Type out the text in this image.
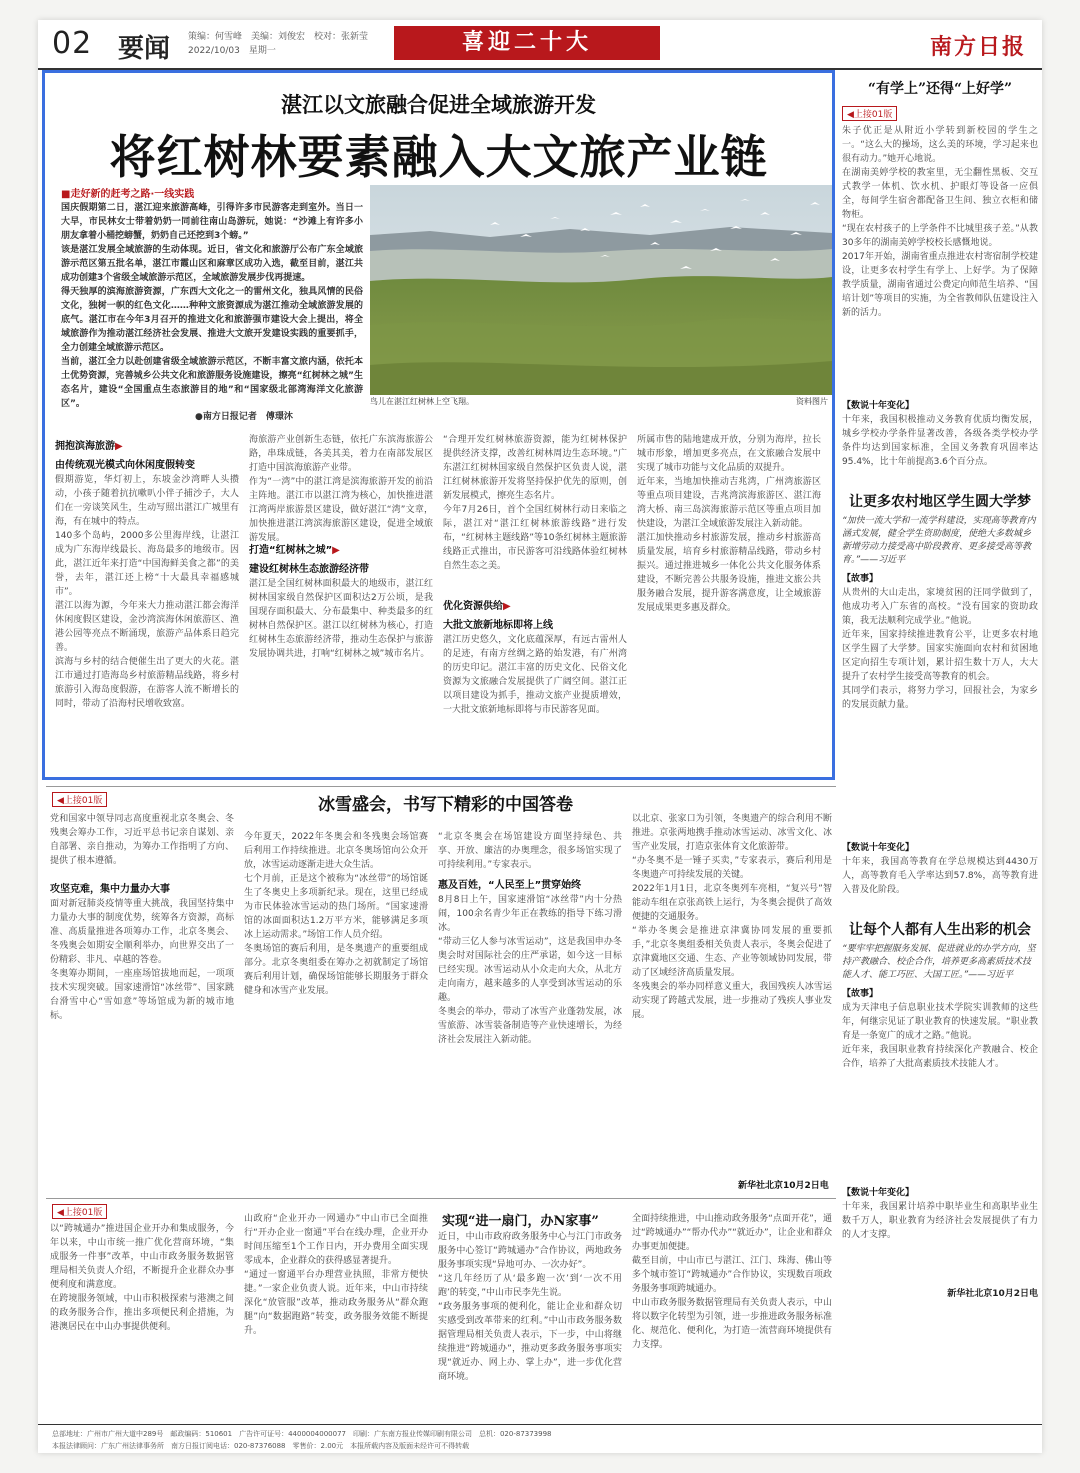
02 要闻 策编：何雪峰　美编：刘俊宏　校对：张新莹
2022/10/03　星期一	喜迎二十大	南方日报
湛江以文旅融合促进全域旅游开发
将红树林要素融入大文旅产业链
■走好新的赶考之路·一线实践
国庆假期第二日，湛江迎来旅游高峰，引得许多市民游客走到室外。当日一大早，市民林女士带着奶奶一同前往南山岛游玩，她说：“沙滩上有许多小朋友拿着小桶挖螃蟹，奶奶自己还挖到3个螃。”
该是湛江发展全域旅游的生动体现。近日，省文化和旅游厅公布广东全域旅游示范区第五批名单，湛江市霞山区和麻章区成功入选，截至目前，湛江共成功创建3个省级全域旅游示范区，全域旅游发展步伐再提速。
得天独厚的滨海旅游资源，广东西大文化之一的雷州文化，独具风情的民俗文化，独树一帜的红色文化……种种文旅资源成为湛江推动全域旅游发展的底气。湛江市在今年3月召开的推进文化和旅游强市建设大会上提出，将全域旅游作为推动湛江经济社会发展、推进大文旅开发建设实践的重要抓手，全力创建全域旅游示范区。
当前，湛江全力以赴创建省级全域旅游示范区，不断丰富文旅内涵，依托本土优势资源，完善城乡公共文化和旅游服务设施建设，擦亮“红树林之城”生态名片，建设“全国重点生态旅游目的地”和“国家级北部湾海洋文化旅游区”。	鸟儿在湛江红树林上空飞翔。	资料图片
●南方日报记者　傅璟沐
拥抱滨海旅游▶
由传统观光模式向休闲度假转变
假期游览，华灯初上，东坡金沙湾畔人头攒动，小孩子随着抗抗嗽叭小伴子捕沙子，大人们在一旁谈笑风生，生动写照出湛江广城里有海，有在城中的特点。
140多个岛屿，2000多公里海岸线，让湛江成为广东海岸线最长、海岛最多的地级市。因此，湛江近年来打造“中国海鲜美食之都”的美誉，去年，湛江还上榜“十大最具幸福感城市”。
湛江以海为源，今年来大力推动湛江都会海洋休闲度假区建设，金沙湾滨海休闲旅游区、渔港公园等亮点不断涌现，旅游产品体系日趋完善。
滨海与乡村的结合便催生出了更大的火花。湛江市通过打造海岛乡村旅游精品线路，将乡村旅游引入海岛度假游，在游客人流不断增长的同时，带动了沿海村民增收致富。
海旅游产业创新生态链，依托广东滨海旅游公路，串珠成链，各美其美，着力在南部发展区打造中国滨海旅游产业带。
作为“一湾”中的湛江湾是滨海旅游开发的前沿主阵地。湛江市以湛江湾为核心，加快推进湛江湾两岸旅游景区建设，做好湛江“湾”文章，加快推进湛江湾滨海旅游区建设，促进全域旅游发展。
打造“红树林之城”▶
建设红树林生态旅游经济带
湛江是全国红树林面积最大的地级市，湛江红树林国家级自然保护区面积达2万公顷，是我国现存面积最大、分布最集中、种类最多的红树林自然保护区。湛江以红树林为核心，打造红树林生态旅游经济带，推动生态保护与旅游发展协调共进，打响“红树林之城”城市名片。
“合理开发红树林旅游资源，能为红树林保护提供经济支撑，改善红树林周边生态环境。”广东湛江红树林国家级自然保护区负责人说，湛江红树林旅游开发将坚持保护优先的原则，创新发展模式，擦亮生态名片。
今年7月26日，首个全国红树林行动日来临之际，湛江对“湛江红树林旅游线路”进行发布，“红树林主题线路”等10条红树林主题旅游线路正式推出，市民游客可沿线路体验红树林自然生态之美。
优化资源供给▶
大批文旅新地标即将上线
湛江历史悠久，文化底蕴深厚，有远古雷州人的足迹，有南方丝绸之路的始发港，有广州湾的历史印记。湛江丰富的历史文化、民俗文化资源为文旅融合发展提供了广阔空间。湛江正以项目建设为抓手，推动文旅产业提质增效，一大批文旅新地标即将与市民游客见面。
所属市售的陆地建成开放，分别为海岸，拉长城市形象，增加更多亮点，在文旅融合发展中实现了城市功能与文化品质的双提升。
近年来，当地加快推动吉兆湾，广州湾旅游区等重点项目建设，吉兆湾滨海旅游区、湛江海湾大桥、南三岛滨海旅游示范区等重点项目加快建设，为湛江全域旅游发展注入新动能。
湛江加快推动乡村旅游发展，推动乡村旅游高质量发展，培育乡村旅游精品线路，带动乡村振兴。通过推进城乡一体化公共文化服务体系建设，不断完善公共服务设施，推进文旅公共服务融合发展，提升游客满意度，让全域旅游发展成果更多惠及群众。
“有学上”还得“上好学”
◀上接01版
朱子优正是从附近小学转到新校园的学生之一。“这么大的操场，这么美的环境，学习起来也很有动力。”她开心地说。
在湖南美婷学校的教室里，无尘翻性黑板、交互式教学一体机、饮水机、护眼灯等设备一应俱全，每间学生宿舍都配备卫生间、独立衣柜和储物柜。
“现在农村孩子的上学条件不比城里孩子差。”从教30多年的湖南美婷学校校长感慨地说。
2017年开始，湖南省重点推进农村寄宿制学校建设，让更多农村学生有学上、上好学。为了保障教学质量，湖南省通过公费定向师范生培养、“国培计划”等项目的实施，为全省教师队伍建设注入新的活力。
【数说十年变化】
十年来，我国积极推动义务教育优质均衡发展，城乡学校办学条件显著改善，各级各类学校办学条件均达到国家标准，全国义务教育巩固率达95.4%，比十年前提高3.6个百分点。
让更多农村地区学生圆大学梦
“加快一流大学和一流学科建设，实现高等教育内涵式发展，健全学生资助制度，使绝大多数城乡新增劳动力接受高中阶段教育、更多接受高等教育。”——习近平
【故事】
从贵州的大山走出，家境贫困的汪同学做到了，他成功考入广东省的高校。“没有国家的资助政策，我无法顺利完成学业。”他说。
近年来，国家持续推进教育公平，让更多农村地区学生圆了大学梦。国家实施面向农村和贫困地区定向招生专项计划，累计招生数十万人，大大提升了农村学生接受高等教育的机会。
其同学们表示，将努力学习，回报社会，为家乡的发展贡献力量。
【数说十年变化】
十年来，我国高等教育在学总规模达到4430万人，高等教育毛入学率达到57.8%，高等教育进入普及化阶段。
让每个人都有人生出彩的机会
“要牢牢把握服务发展、促进就业的办学方向，坚持产教融合、校企合作，培养更多高素质技术技能人才、能工巧匠、大国工匠。”——习近平
【故事】
成为天津电子信息职业技术学院实训教师的这些年，何继宗见证了职业教育的快速发展。“职业教育是一条宽广的成才之路。”他说。
近年来，我国职业教育持续深化产教融合、校企合作，培养了大批高素质技术技能人才。
【数说十年变化】
十年来，我国累计培养中职毕业生和高职毕业生数千万人，职业教育为经济社会发展提供了有力的人才支撑。
新华社北京10月2日电
◀上接01版	冰雪盛会，书写下精彩的中国答卷
党和国家中领导同志高度重视北京冬奥会、冬残奥会筹办工作，习近平总书记亲自谋划、亲自部署、亲自推动，为筹办工作指明了方向、提供了根本遵循。
攻坚克难，集中力量办大事
面对新冠肺炎疫情等重大挑战，我国坚持集中力量办大事的制度优势，统筹各方资源，高标准、高质量推进各项筹办工作，北京冬奥会、冬残奥会如期安全顺利举办，向世界交出了一份精彩、非凡、卓越的答卷。
冬奥筹办期间，一座座场馆拔地而起，一项项技术实现突破。国家速滑馆“冰丝带”、国家跳台滑雪中心“雪如意”等场馆成为新的城市地标。
今年夏天，2022年冬奥会和冬残奥会场馆赛后利用工作持续推进。北京冬奥场馆向公众开放，冰雪运动逐渐走进大众生活。
七个月前，正是这个被称为“冰丝带”的场馆诞生了冬奥史上多项新纪录。现在，这里已经成为市民体验冰雪运动的热门场所。“国家速滑馆的冰面面积达1.2万平方米，能够满足多项冰上运动需求。”场馆工作人员介绍。
冬奥场馆的赛后利用，是冬奥遗产的重要组成部分。北京冬奥组委在筹办之初就制定了场馆赛后利用计划，确保场馆能够长期服务于群众健身和冰雪产业发展。
“北京冬奥会在场馆建设方面坚持绿色、共享、开放、廉洁的办奥理念，很多场馆实现了可持续利用。”专家表示。
惠及百姓，“人民至上”贯穿始终
8月8日上午，国家速滑馆“冰丝带”内十分热闹，100余名青少年正在教练的指导下练习滑冰。
“带动三亿人参与冰雪运动”，这是我国申办冬奥会时对国际社会的庄严承诺，如今这一目标已经实现。冰雪运动从小众走向大众，从北方走向南方，越来越多的人享受到冰雪运动的乐趣。
冬奥会的举办，带动了冰雪产业蓬勃发展，冰雪旅游、冰雪装备制造等产业快速增长，为经济社会发展注入新动能。
以北京、张家口为引领，冬奥遗产的综合利用不断推进。京张两地携手推动冰雪运动、冰雪文化、冰雪产业发展，打造京张体育文化旅游带。
“办冬奥不是一锤子买卖，”专家表示，赛后利用是冬奥遗产可持续发展的关键。
2022年1月1日，北京冬奥列车亮相，“复兴号”智能动车组在京张高铁上运行，为冬奥会提供了高效便捷的交通服务。
“举办冬奥会是推进京津冀协同发展的重要抓手，”北京冬奥组委相关负责人表示，冬奥会促进了京津冀地区交通、生态、产业等领域协同发展，带动了区域经济高质量发展。
冬残奥会的举办同样意义重大，我国残疾人冰雪运动实现了跨越式发展，进一步推动了残疾人事业发展。
新华社北京10月2日电
◀上接01版
实现“进一扇门，办N家事”
以“跨城通办”推进国企业开办和集成服务，今年以来，中山市统一推广优化营商环境，“集成服务一件事”改革，中山市政务服务数据管理局相关负责人介绍，不断提升企业群众办事便利度和满意度。
在跨境服务领域，中山市积极探索与港澳之间的政务服务合作，推出多项便民利企措施，为港澳居民在中山办事提供便利。
山政府“企业开办一网通办”中山市已全面推行“开办企业一窗通”平台在线办理，企业开办时间压缩至1个工作日内，开办费用全面实现零成本，企业群众的获得感显著提升。
“通过一窗通平台办理营业执照，非常方便快捷。”一家企业负责人说。近年来，中山市持续深化“放管服”改革，推动政务服务从“群众跑腿”向“数据跑路”转变，政务服务效能不断提升。
近日，中山市政府政务服务中心与江门市政务服务中心签订“跨城通办”合作协议，两地政务服务事项实现“异地可办、一次办好”。
“这几年经历了从‘最多跑一次’到‘一次不用跑’的转变，”中山市民李先生说。
“政务服务事项的便利化，能让企业和群众切实感受到改革带来的红利。”中山市政务服务数据管理局相关负责人表示，下一步，中山将继续推进“跨城通办”，推动更多政务服务事项实现“就近办、网上办、掌上办”，进一步优化营商环境。
全面持续推进，中山推动政务服务“点面开花”，通过“跨城通办”“帮办代办”“就近办”，让企业和群众办事更加便捷。
截至目前，中山市已与湛江、江门、珠海、佛山等多个城市签订“跨城通办”合作协议，实现数百项政务服务事项跨城通办。
中山市政务服务数据管理局有关负责人表示，中山将以数字化转型为引领，进一步推进政务服务标准化、规范化、便利化，为打造一流营商环境提供有力支撑。
总部地址：广州市广州大道中289号　邮政编码：510601　广告许可证号：4400004000077　印刷：广东南方报业传媒印刷有限公司　总机：020-87373998
本报法律顾问：广东广州法律事务所　南方日报订阅电话：020-87376088　零售价：2.00元　本报所载内容及版面未经许可不得转载
